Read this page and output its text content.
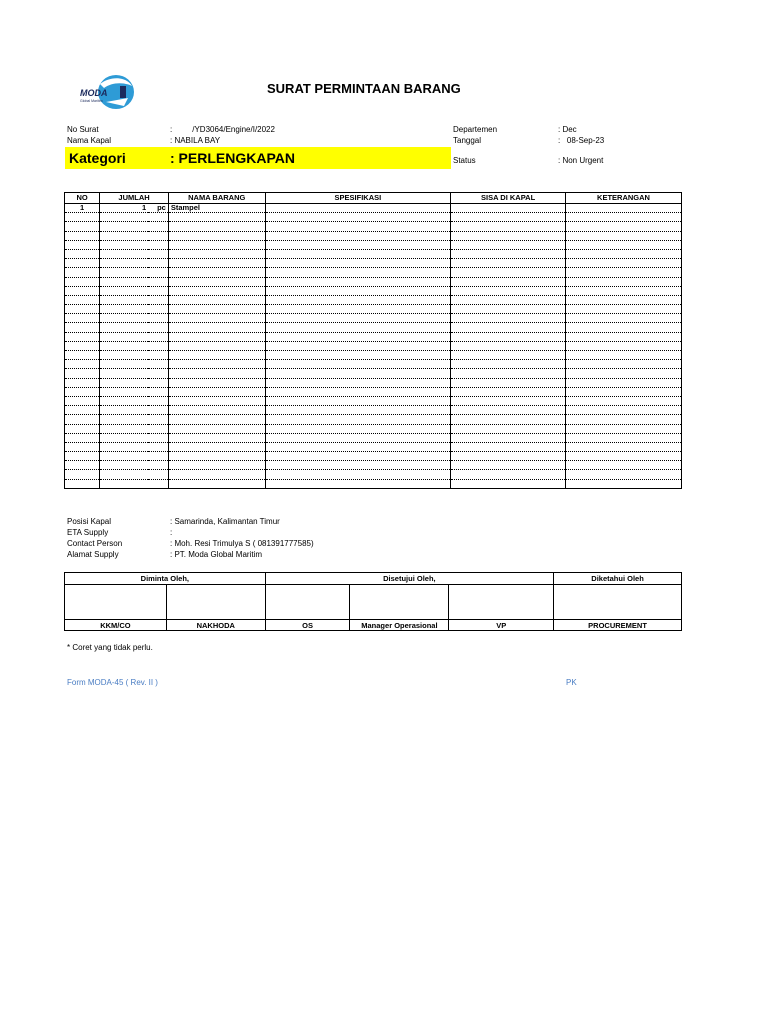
MODA
Global Maritim
SURAT PERMINTAAN BARANG
No Surat	:         /YD3064/Engine/I/2022
Nama Kapal	: NABILA BAY
Departemen	: Dec
Tanggal	:   08-Sep-23
Kategori	: PERLENGKAPAN	Status	: Non Urgent
NO	JUMLAH		NAMA BARANG	SPESIFIKASI	SISA DI KAPAL	KETERANGAN
1	1	pc	Stampel			

Posisi Kapal	: Samarinda, Kalimantan Timur
ETA Supply	:
Contact Person	: Moh. Resi Trimulya S ( 081391777585)
Alamat Supply	: PT. Moda Global Maritim
Diminta Oleh,		Disetujui Oleh,			Diketahui Oleh

KKM/CO	NAKHODA	OS	Manager Operasional	VP	PROCUREMENT
* Coret yang tidak perlu.
Form MODA-45 ( Rev. II )	PK
